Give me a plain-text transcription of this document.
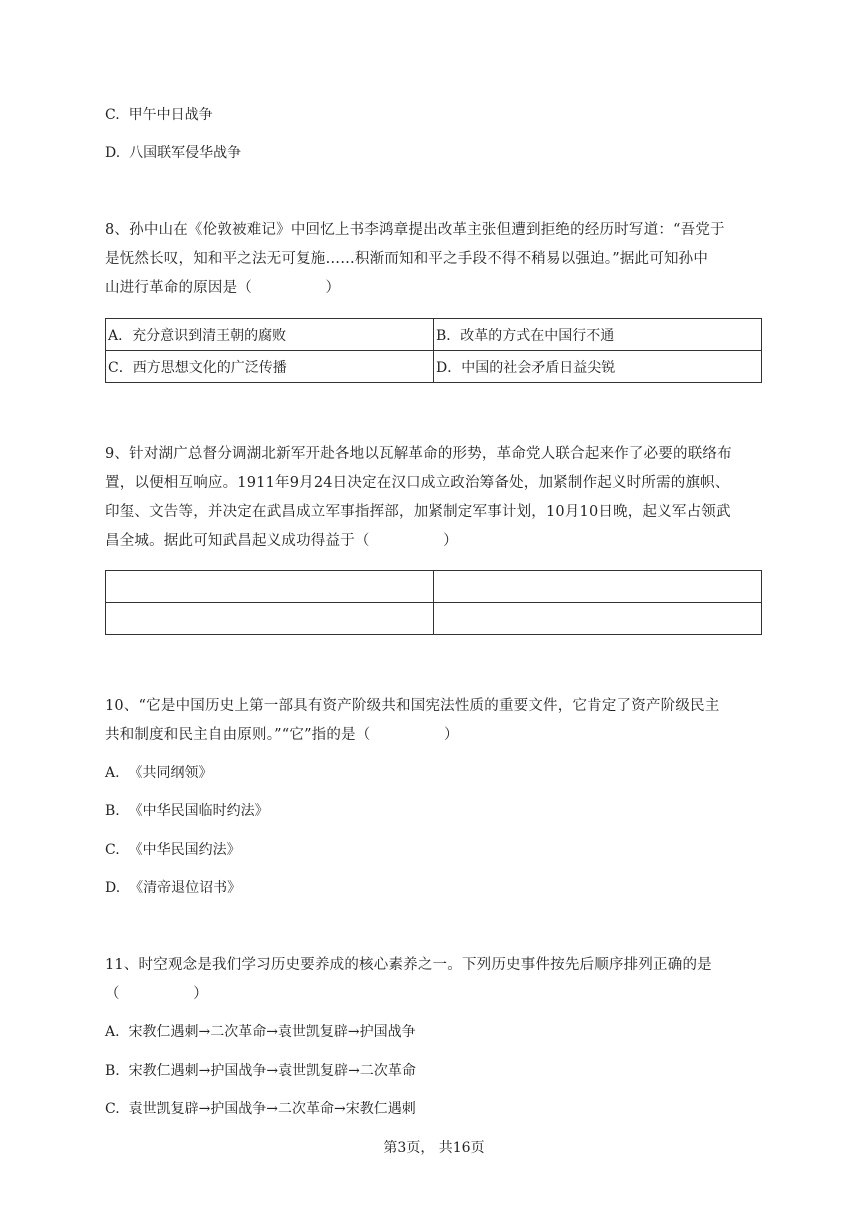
C. 甲午中日战争
D. 八国联军侵华战争
8、孙中山在《伦敦被难记》中回忆上书李鸿章提出改革主张但遭到拒绝的经历时写道：“吾党于
是怃然长叹，知和平之法无可复施……积渐而知和平之手段不得不稍易以强迫。”据此可知孙中
山进行革命的原因是（　　　　　）
A．充分意识到清王朝的腐败	B．改革的方式在中国行不通
C．西方思想文化的广泛传播	D．中国的社会矛盾日益尖锐
9、针对湖广总督分调湖北新军开赴各地以瓦解革命的形势，革命党人联合起来作了必要的联络布
置，以便相互响应。1911年9月24日决定在汉口成立政治筹备处，加紧制作起义时所需的旗帜、
印玺、文告等，并决定在武昌成立军事指挥部，加紧制定军事计划，10月10日晚，起义军占领武
昌全城。据此可知武昌起义成功得益于（　　　　　）

10、“它是中国历史上第一部具有资产阶级共和国宪法性质的重要文件，它肯定了资产阶级民主
共和制度和民主自由原则。”“它”指的是（　　　　　）
A. 《共同纲领》
B. 《中华民国临时约法》
C. 《中华民国约法》
D. 《清帝退位诏书》
11、时空观念是我们学习历史要养成的核心素养之一。下列历史事件按先后顺序排列正确的是
（　　　　　）
A. 宋教仁遇刺→二次革命→袁世凯复辟→护国战争
B. 宋教仁遇刺→护国战争→袁世凯复辟→二次革命
C. 袁世凯复辟→护国战争→二次革命→宋教仁遇刺
第3页， 共16页
